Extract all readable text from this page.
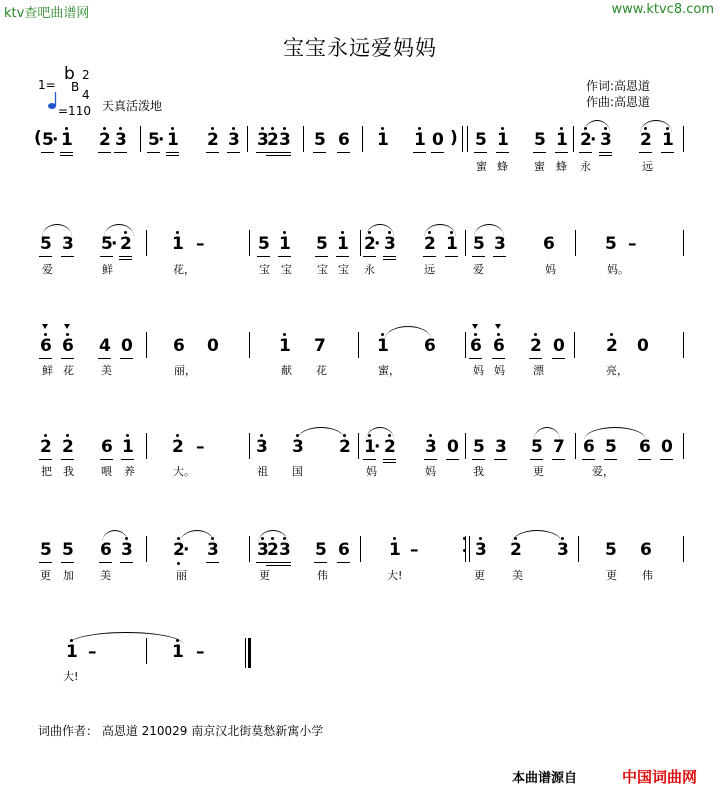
ktv查吧曲谱网	www.ktvc8.com
宝宝永远爱妈妈
1=
b
B
2
4
=110 天真活泼地
作词:高恩道
作曲:高恩道
( 5
· 1 2 3 5
· 1 2 3 3
2 3 5 6 1 1 0 ) 5 1 5 1 2
· 3 2 1
蜜 蜂 蜜 蜂 永	远
5 3 5
· 2 1 –	5 1 5 1 2
· 3 2 1 5 3 6	5 –
爱	鲜	花，	宝 宝 宝 宝 永	远	爱	妈	妈。
6 6 4 0 6 0	1 7	1 6 6 6 2 0 2 0
鲜 花 美	丽，	献 花	蜜，	妈 妈	漂	亮，
2 2 6 1 2 –	3 3 2 1
· 2 3 0 5 3 5 7 6 5 6 0
把 我 喂 养	大。	祖 国	妈	妈	我	更	爱，
5 5 6 3 2
· 3 3
2 3 5 6 1 –	3 2 3 5 6
更 加 美	丽	更	伟	大!	更 美	更 伟
1 –	1 –
大!
词曲作者： 高恩道 210029 南京汉北街莫愁新寓小学
本曲谱源自	中国词曲网
